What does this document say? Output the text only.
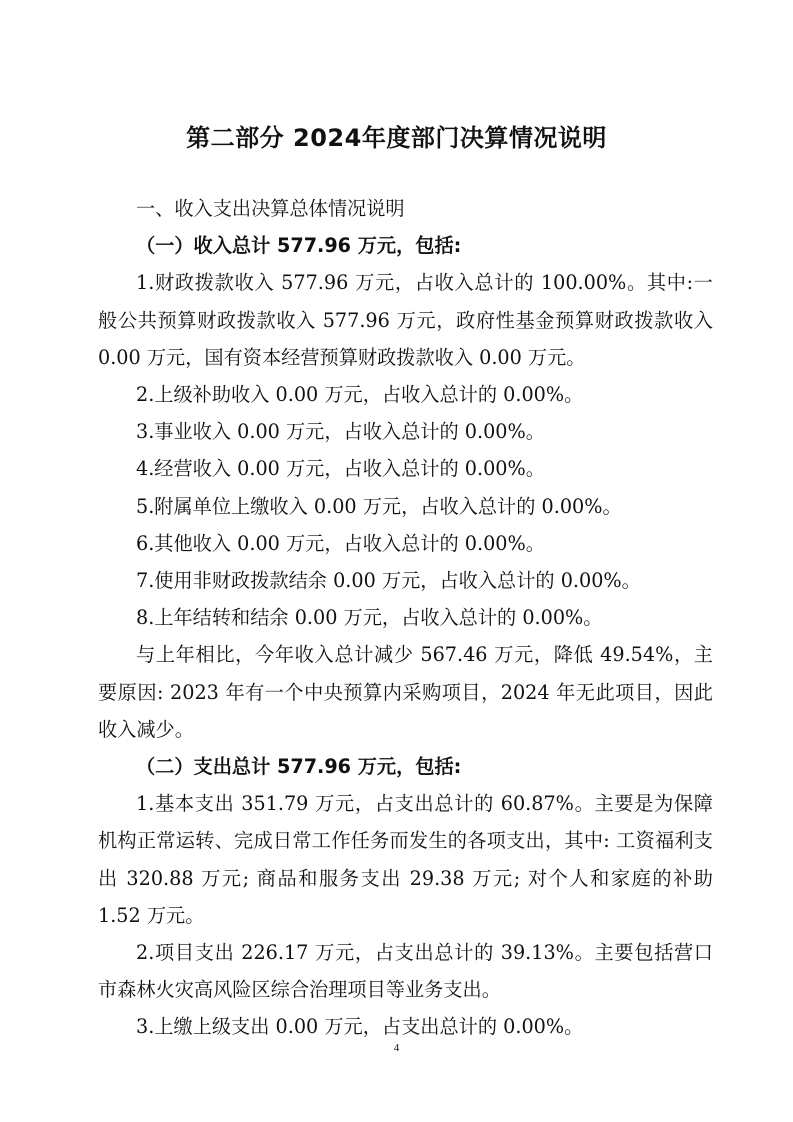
第二部分 2024年度部门决算情况说明

一、收入支出决算总体情况说明

（一）收入总计 577.96 万元，包括:

1.财政拨款收入 577.96 万元，占收入总计的 100.00%。其中:一般公共预算财政拨款收入 577.96 万元，政府性基金预算财政拨款收入 0.00 万元，国有资本经营预算财政拨款收入 0.00 万元。

2.上级补助收入 0.00 万元，占收入总计的 0.00%。

3.事业收入 0.00 万元，占收入总计的 0.00%。

4.经营收入 0.00 万元，占收入总计的 0.00%。

5.附属单位上缴收入 0.00 万元，占收入总计的 0.00%。

6.其他收入 0.00 万元，占收入总计的 0.00%。

7.使用非财政拨款结余 0.00 万元，占收入总计的 0.00%。

8.上年结转和结余 0.00 万元，占收入总计的 0.00%。

与上年相比，今年收入总计减少 567.46 万元，降低 49.54%，主要原因: 2023 年有一个中央预算内采购项目，2024 年无此项目，因此收入减少。

（二）支出总计 577.96 万元，包括:

1.基本支出 351.79 万元，占支出总计的 60.87%。主要是为保障机构正常运转、完成日常工作任务而发生的各项支出，其中: 工资福利支出 320.88 万元; 商品和服务支出 29.38 万元; 对个人和家庭的补助 1.52 万元。

2.项目支出 226.17 万元，占支出总计的 39.13%。主要包括营口市森林火灾高风险区综合治理项目等业务支出。

3.上缴上级支出 0.00 万元，占支出总计的 0.00%。

4
